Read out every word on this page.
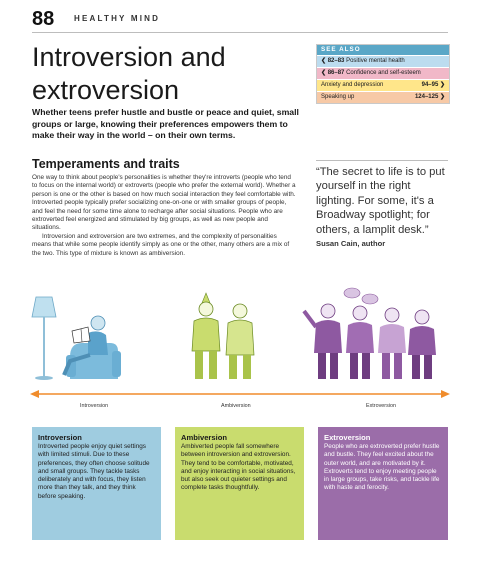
88 HEALTHY MIND
Introversion and
extroversion
Whether teens prefer hustle and bustle or peace and quiet, small groups or large, knowing their preferences empowers them to make their way in the world – on their own terms.
SEE ALSO
❮ 82–83 Positive mental health
❮ 86–87 Confidence and self-esteem
Anxiety and depression	94–95 ❯
Speaking up	124–125 ❯
Temperaments and traits

One way to think about people's personalities is whether they're introverts (people who tend to focus on the internal world) or extroverts (people who prefer the external world). Whether a person is one or the other is based on how much social interaction they feel comfortable with. Introverted people typically prefer socializing one-on-one or with smaller groups of people, and feel the need for some time alone to recharge after social situations. People who are extroverted feel energized and stimulated by big groups, as well as new people and situations.

Introversion and extroversion are two extremes, and the complexity of personalities means that while some people identify simply as one or the other, many others are a mix of the two. This type of mixture is known as ambiversion.

“The secret to life is to put yourself in the right lighting. For some, it's a Broadway spotlight; for others, a lamplit desk.”
Susan Cain, author
Introversion	Ambiversion	Extroversion
Introversion
Introverted people enjoy quiet settings with limited stimuli. Due to these preferences, they often choose solitude and small groups. They tackle tasks deliberately and with focus, they listen more than they talk, and they think before speaking.
Ambiversion
Ambiverted people fall somewhere between introversion and extroversion. They tend to be comfortable, motivated, and enjoy interacting in social situations, but also seek out quieter settings and complete tasks thoughtfully.
Extroversion
People who are extroverted prefer hustle and bustle. They feel excited about the outer world, and are motivated by it. Extroverts tend to enjoy meeting people in large groups, take risks, and tackle life with haste and ferocity.
